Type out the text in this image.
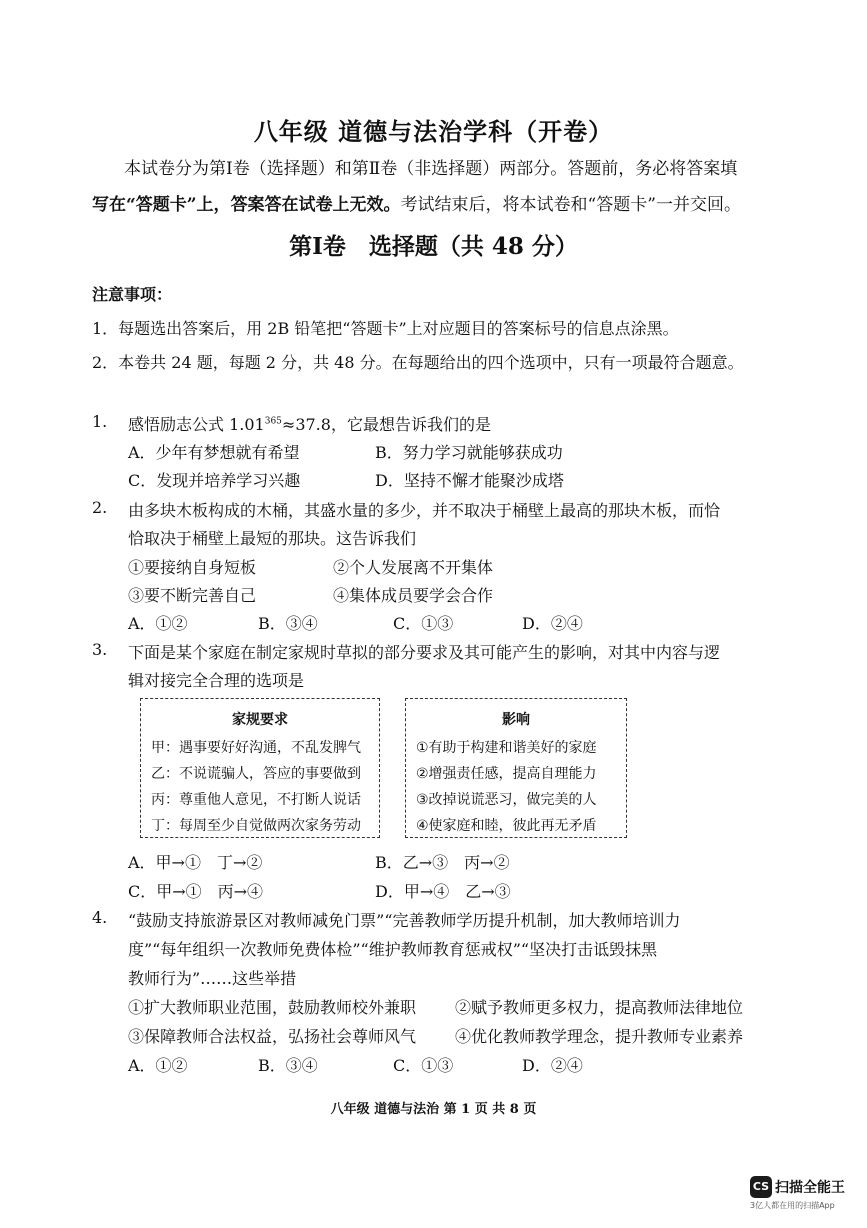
八年级 道德与法治学科（开卷）
本试卷分为第Ⅰ卷（选择题）和第Ⅱ卷（非选择题）两部分。答题前，务必将答案填
写在“答题卡”上，答案答在试卷上无效。考试结束后，将本试卷和“答题卡”一并交回。
第Ⅰ卷　选择题（共 48 分）
注意事项：
1．每题选出答案后，用 2B 铅笔把“答题卡”上对应题目的答案标号的信息点涂黑。
2．本卷共 24 题，每题 2 分，共 48 分。在每题给出的四个选项中，只有一项最符合题意。
1. 感悟励志公式 $1.01^{365}\approx 37.8$，它最想告诉我们的是
A．少年有梦想就有希望	B．努力学习就能够获成功
C．发现并培养学习兴趣	D．坚持不懈才能聚沙成塔
2. 由多块木板构成的木桶，其盛水量的多少，并不取决于桶壁上最高的那块木板，而恰
恰取决于桶壁上最短的那块。这告诉我们
①要接纳自身短板	②个人发展离不开集体
③要不断完善自己	④集体成员要学会合作
A．①②	B．③④	C．①③	D．②④
3. 下面是某个家庭在制定家规时草拟的部分要求及其可能产生的影响，对其中内容与逻
辑对接完全合理的选项是
家规要求
甲：遇事要好好沟通，不乱发脾气
乙：不说谎骗人，答应的事要做到
丙：尊重他人意见，不打断人说话
丁：每周至少自觉做两次家务劳动
影响
①有助于构建和谐美好的家庭
②增强责任感，提高自理能力
③改掉说谎恶习，做完美的人
④使家庭和睦，彼此再无矛盾
A．甲→①　丁→②	B．乙→③　丙→②
C．甲→①　丙→④	D．甲→④　乙→③
4. “鼓励支持旅游景区对教师减免门票”“完善教师学历提升机制，加大教师培训力
度”“每年组织一次教师免费体检”“维护教师教育惩戒权”“坚决打击诋毁抹黑
教师行为”……这些举措
①扩大教师职业范围，鼓励教师校外兼职 ②赋予教师更多权力，提高教师法律地位
③保障教师合法权益，弘扬社会尊师风气 ④优化教师教学理念，提升教师专业素养
A．①②	B．③④	C．①③	D．②④
八年级 道德与法治 第 1 页 共 8 页
CS 扫描全能王
3亿人都在用的扫描App
